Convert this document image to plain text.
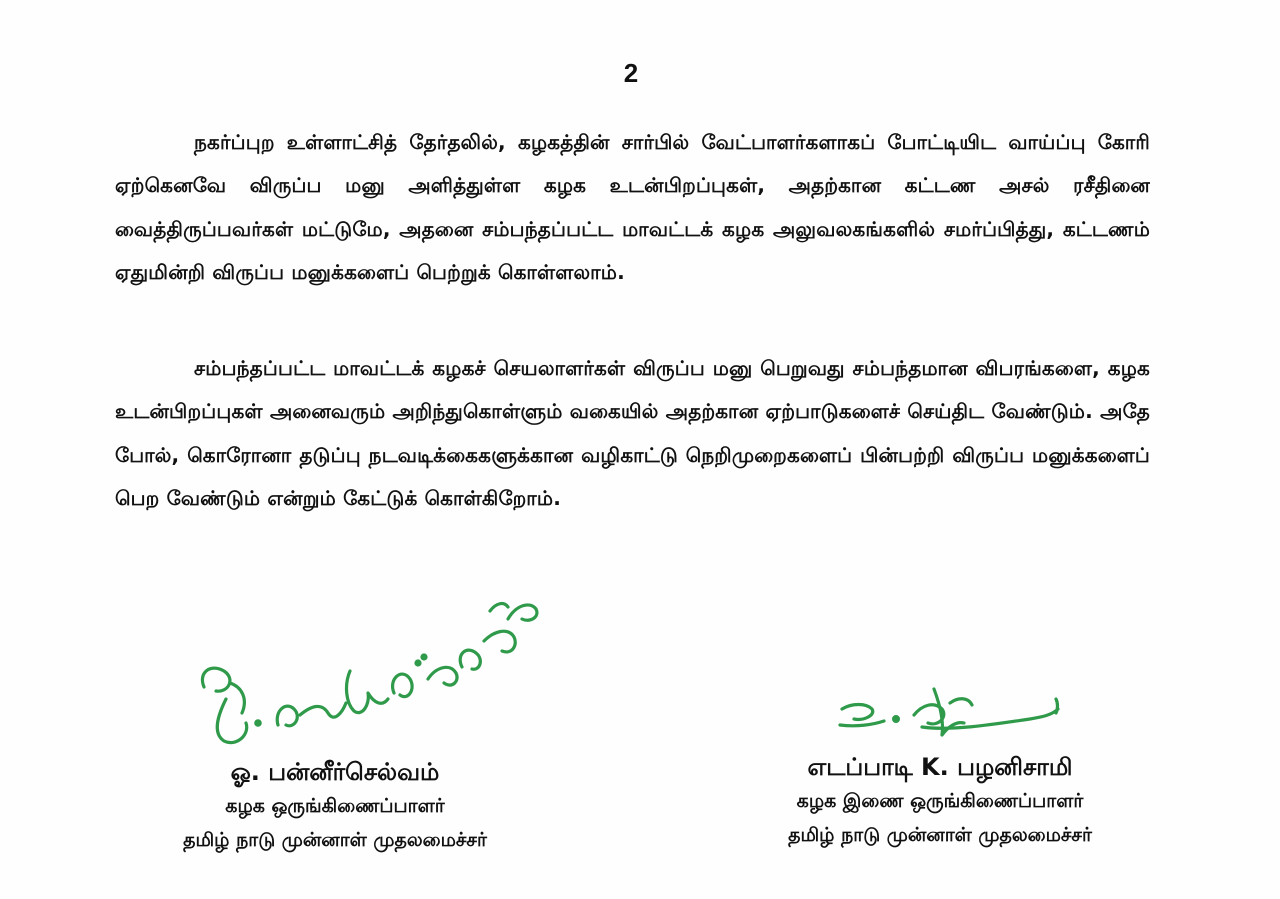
2

நகர்ப்புற உள்ளாட்சித் தேர்தலில், கழகத்தின் சார்பில் வேட்பாளர்களாகப் போட்டியிட வாய்ப்பு கோரி ஏற்கெனவே விருப்ப மனு அளித்துள்ள கழக உடன்பிறப்புகள், அதற்கான கட்டண அசல் ரசீதினை வைத்திருப்பவர்கள் மட்டுமே, அதனை சம்பந்தப்பட்ட மாவட்டக் கழக அலுவலகங்களில் சமர்ப்பித்து, கட்டணம் ஏதுமின்றி விருப்ப மனுக்களைப் பெற்றுக் கொள்ளலாம்.

சம்பந்தப்பட்ட மாவட்டக் கழகச் செயலாளர்கள் விருப்ப மனு பெறுவது சம்பந்தமான விபரங்களை, கழக உடன்பிறப்புகள் அனைவரும் அறிந்துகொள்ளும் வகையில் அதற்கான ஏற்பாடுகளைச் செய்திட வேண்டும். அதே போல், கொரோனா தடுப்பு நடவடிக்கைகளுக்கான வழிகாட்டு நெறிமுறைகளைப் பின்பற்றி விருப்ப மனுக்களைப் பெற வேண்டும் என்றும் கேட்டுக் கொள்கிறோம்.

ஓ. பன்னீர்செல்வம்
கழக ஒருங்கிணைப்பாளர்
தமிழ் நாடு முன்னாள் முதலமைச்சர்
எடப்பாடி K. பழனிசாமி
கழக இணை ஒருங்கிணைப்பாளர்
தமிழ் நாடு முன்னாள் முதலமைச்சர்
